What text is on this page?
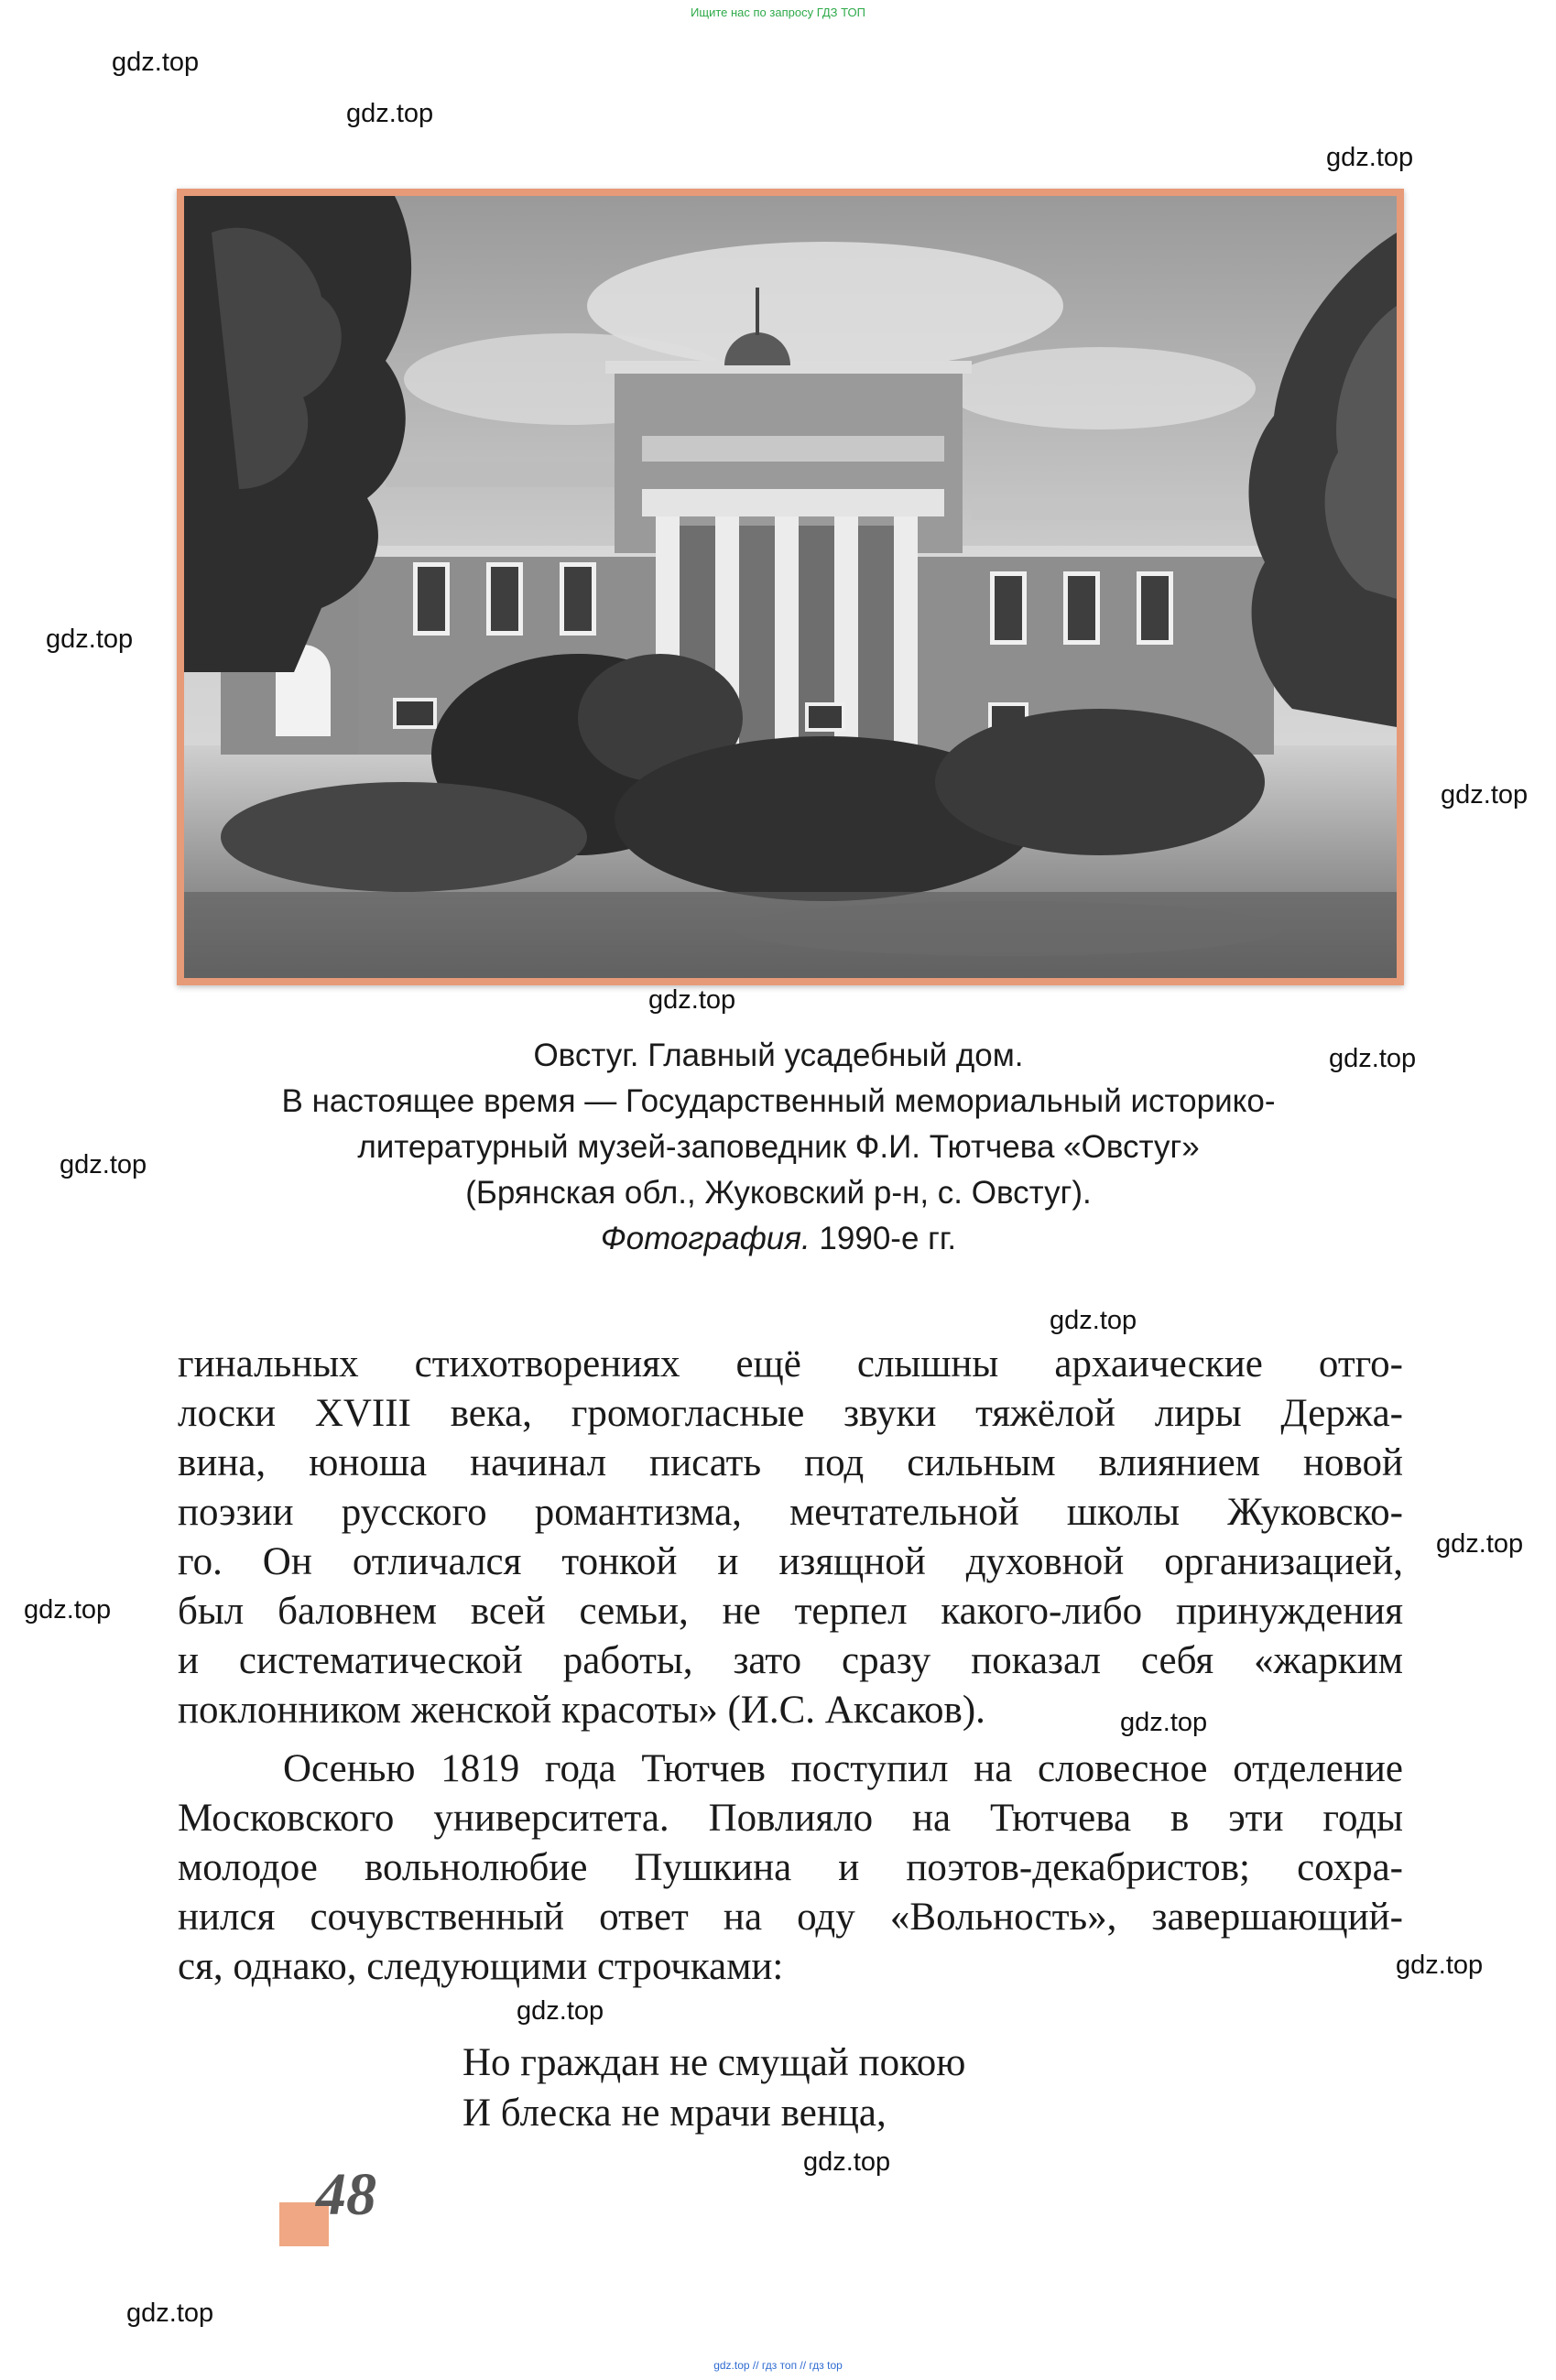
Ищите нас по запросу ГДЗ ТОП
gdz.top
gdz.top
gdz.top
gdz.top
gdz.top
gdz.top
gdz.top
gdz.top
gdz.top
gdz.top
gdz.top
gdz.top
gdz.top
gdz.top
gdz.top
gdz.top
Овстуг. Главный усадебный дом.
В настоящее время — Государственный мемориальный историко-
литературный музей-заповедник Ф.И. Тютчева «Овстуг»
(Брянская обл., Жуковский р-н, с. Овстуг).
Фотография. 1990-е гг.
гинальных стихотворениях ещё слышны архаические отго-
лоски XVIII века, громогласные звуки тяжёлой лиры Держа-
вина, юноша начинал писать под сильным влиянием новой
поэзии русского романтизма, мечтательной школы Жуковско-
го. Он отличался тонкой и изящной духовной организацией,
был баловнем всей семьи, не терпел какого-либо принуждения
и систематической работы, зато сразу показал себя «жарким
поклонником женской красоты» (И.С. Аксаков).
Осенью 1819 года Тютчев поступил на словесное отделение
Московского университета. Повлияло на Тютчева в эти годы
молодое вольнолюбие Пушкина и поэтов-декабристов; сохра-
нился сочувственный ответ на оду «Вольность», завершающий-
ся, однако, следующими строчками:
Но граждан не смущай покою
И блеска не мрачи венца,
48
gdz.top // гдз топ // гдз top
